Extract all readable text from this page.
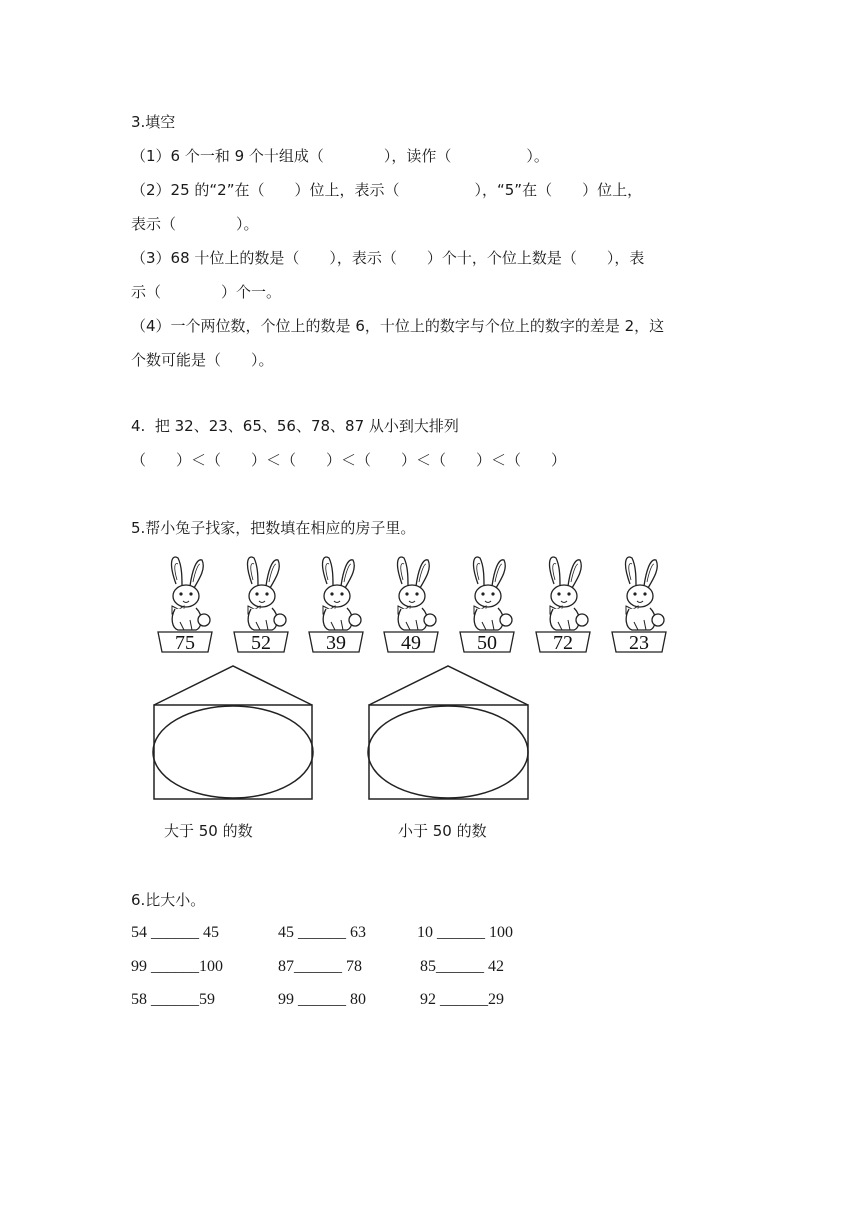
3.填空
（1）6 个一和 9 个十组成（　　　　），读作（　　　　　）。
（2）25 的“2”在（　　）位上，表示（　　　　　），“5”在（　　）位上，
表示（　　　　）。
（3）68 十位上的数是（　　），表示（　　）个十，个位上数是（　　），表
示（　　　　）个一。
（4）一个两位数，个位上的数是 6，十位上的数字与个位上的数字的差是 2，这
个数可能是（　　）。
4.  把 32、23、65、56、78、87 从小到大排列
（　　）＜（　　）＜（　　）＜（　　）＜（　　）＜（　　）
5.帮小兔子找家，把数填在相应的房子里。
75	52	39	49	50	72	23
大于 50 的数	小于 50 的数
6.比大小。
54 ______ 45	45 ______ 63	10 ______ 100
99 ______100	87______ 78	85______ 42
58 ______59	99 ______ 80	92 ______29
